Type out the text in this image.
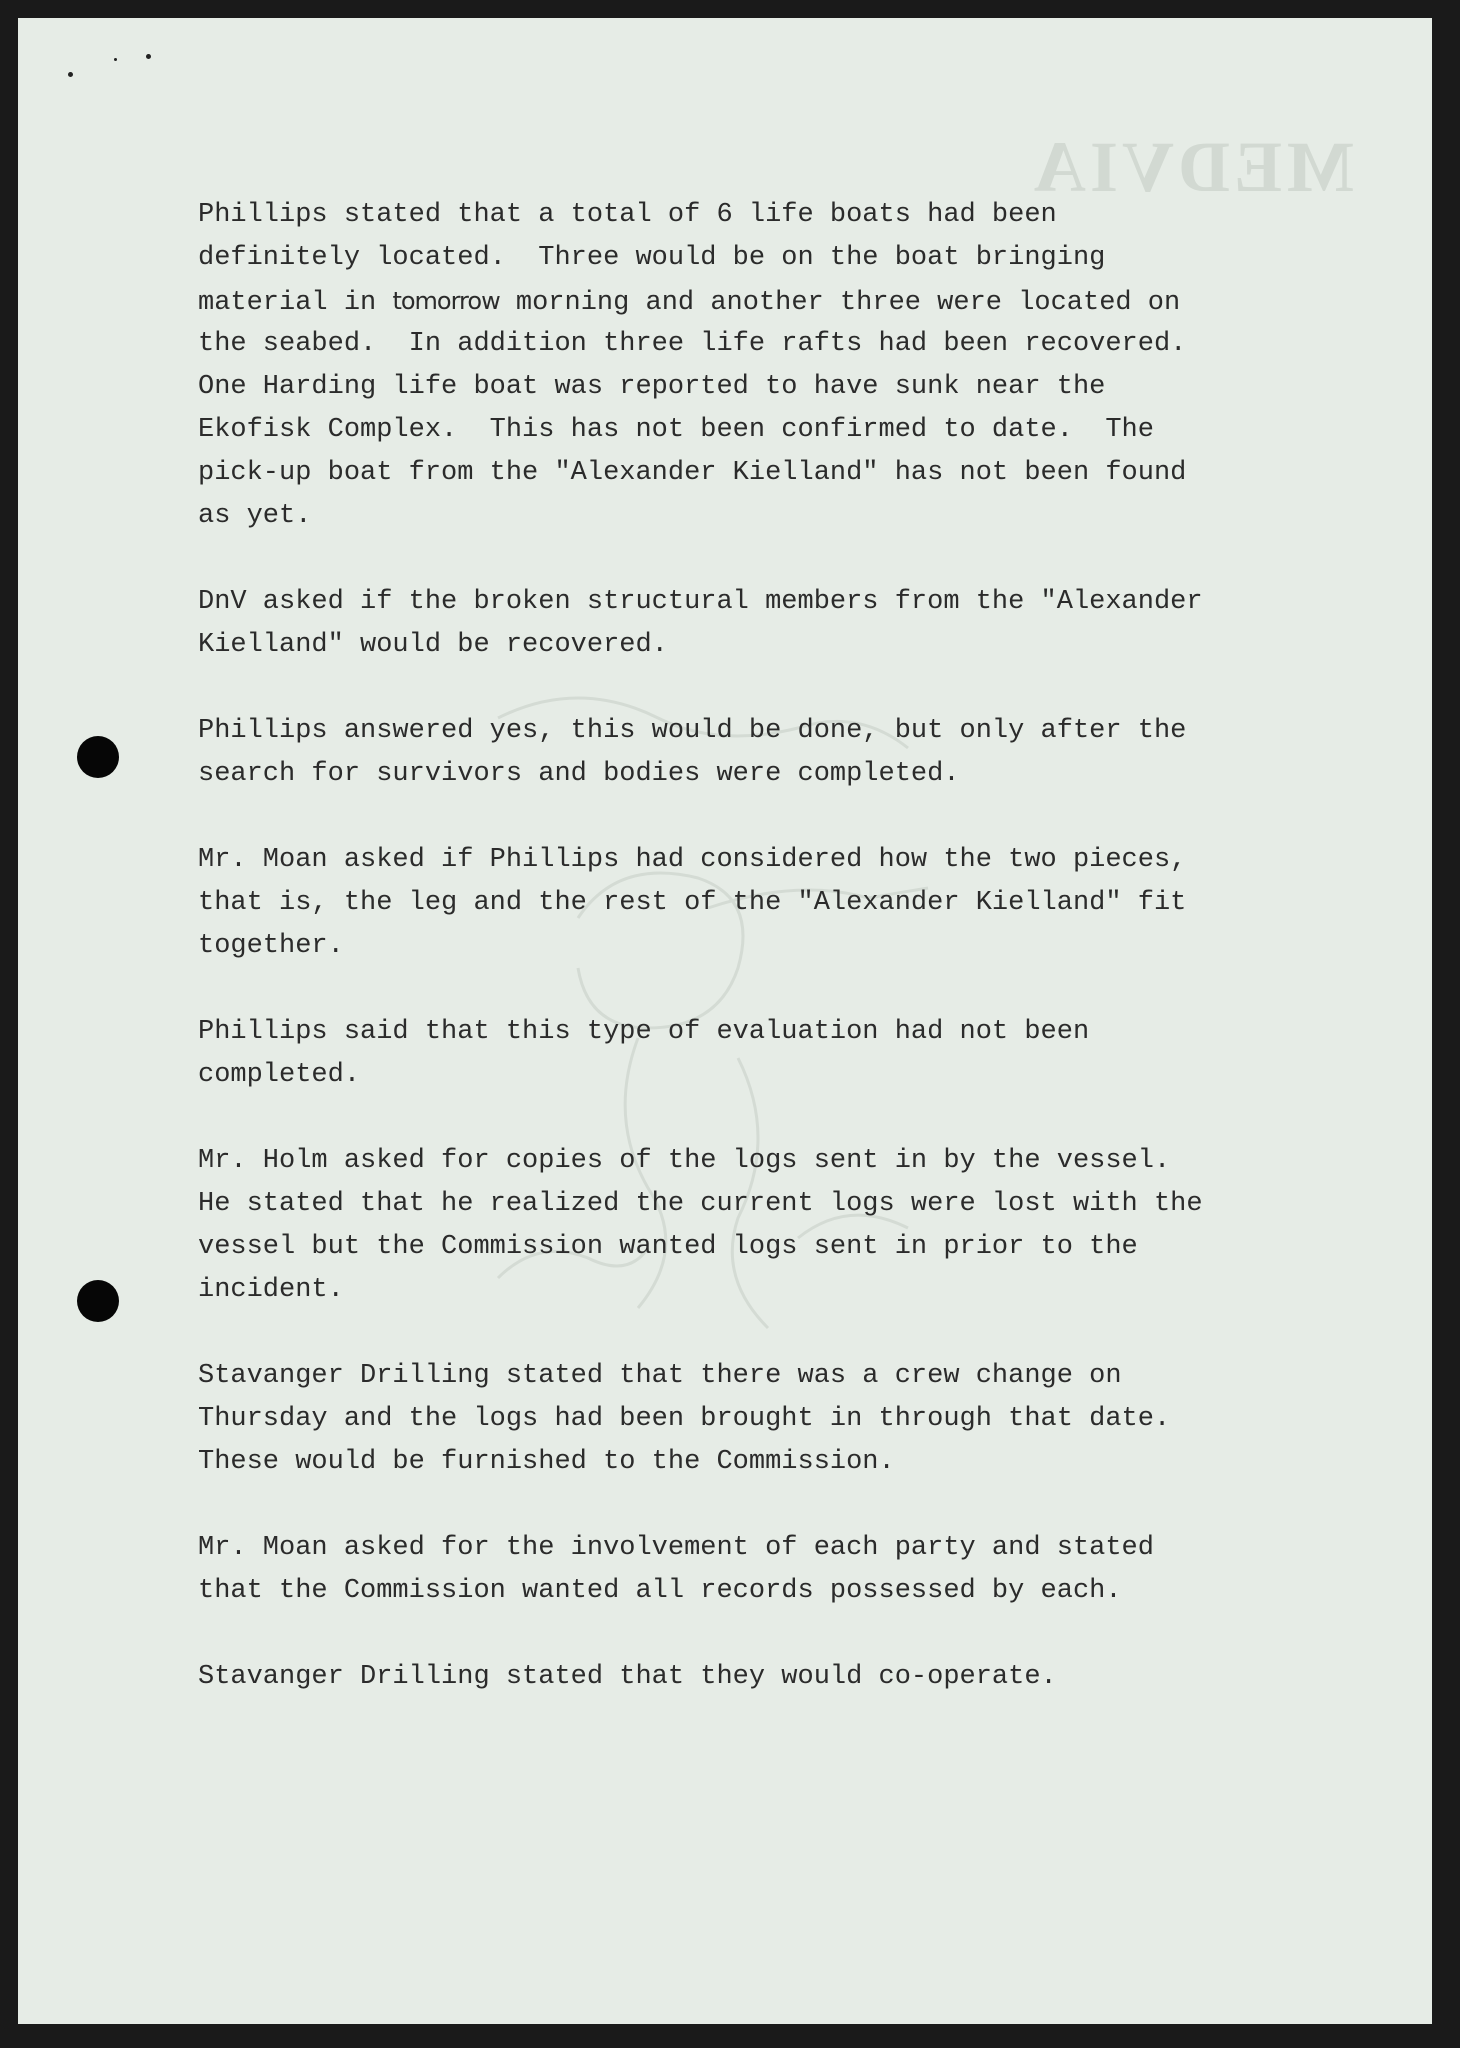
MEDVIA
Phillips stated that a total of 6 life boats had been
definitely located.  Three would be on the boat bringing
material in tomorrow morning and another three were located on
the seabed.  In addition three life rafts had been recovered.
One Harding life boat was reported to have sunk near the
Ekofisk Complex.  This has not been confirmed to date.  The
pick-up boat from the "Alexander Kielland" has not been found
as yet.
DnV asked if the broken structural members from the "Alexander
Kielland" would be recovered.
Phillips answered yes, this would be done, but only after the
search for survivors and bodies were completed.
Mr. Moan asked if Phillips had considered how the two pieces,
that is, the leg and the rest of the "Alexander Kielland" fit
together.
Phillips said that this type of evaluation had not been
completed.
Mr. Holm asked for copies of the logs sent in by the vessel.
He stated that he realized the current logs were lost with the
vessel but the Commission wanted logs sent in prior to the
incident.
Stavanger Drilling stated that there was a crew change on
Thursday and the logs had been brought in through that date.
These would be furnished to the Commission.
Mr. Moan asked for the involvement of each party and stated
that the Commission wanted all records possessed by each.
Stavanger Drilling stated that they would co-operate.
